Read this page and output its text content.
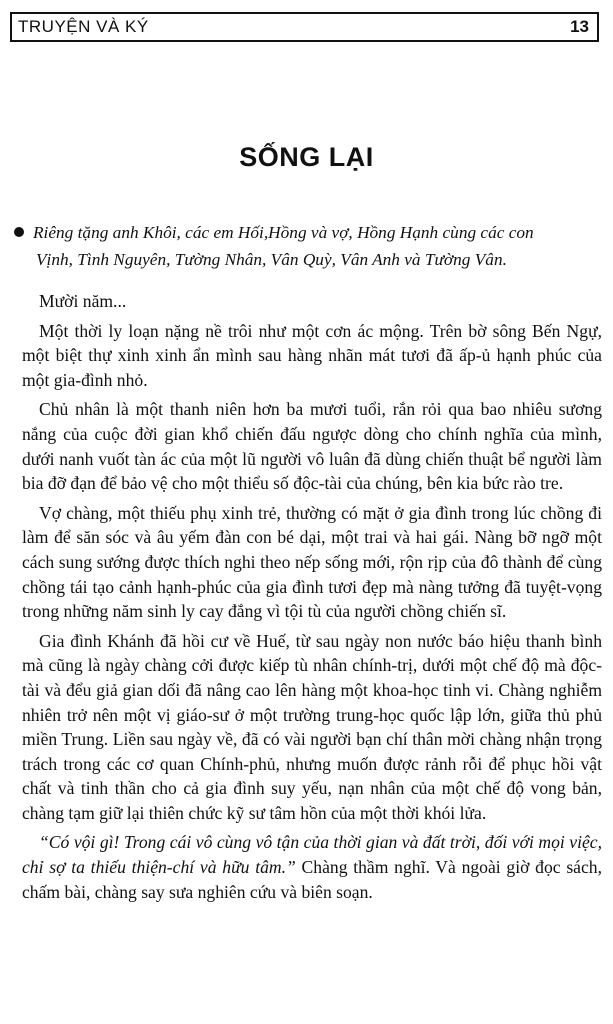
TRUYỆN VÀ KÝ	13
SỐNG LẠI
Riêng tặng anh Khôi, các em Hối,Hồng và vợ, Hồng Hạnh cùng các con
Vịnh, Tình Nguyên, Tường Nhân, Vân Quỳ, Vân Anh và Tường Vân.

Mười năm...

Một thời ly loạn nặng nề trôi như một cơn ác mộng. Trên bờ sông Bến Ngự, một biệt thự xinh xinh ẩn mình sau hàng nhãn mát tươi đã ấp-ủ hạnh phúc của một gia-đình nhỏ.

Chủ nhân là một thanh niên hơn ba mươi tuổi, rắn rỏi qua bao nhiêu sương nắng của cuộc đời gian khổ chiến đấu ngược dòng cho chính nghĩa của mình, dưới nanh vuốt tàn ác của một lũ người vô luân đã dùng chiến thuật bể người làm bia đỡ đạn để bảo vệ cho một thiểu số độc-tài của chúng, bên kia bức rào tre.

Vợ chàng, một thiếu phụ xinh trẻ, thường có mặt ở gia đình trong lúc chồng đi làm để săn sóc và âu yếm đàn con bé dại, một trai và hai gái. Nàng bỡ ngỡ một cách sung sướng được thích nghi theo nếp sống mới, rộn rịp của đô thành để cùng chồng tái tạo cảnh hạnh-phúc của gia đình tươi đẹp mà nàng tưởng đã tuyệt-vọng trong những năm sinh ly cay đắng vì tội tù của người chồng chiến sĩ.

Gia đình Khánh đã hồi cư về Huế, từ sau ngày non nước báo hiệu thanh bình mà cũng là ngày chàng cởi được kiếp tù nhân chính-trị, dưới một chế độ mà độc-tài và đểu giả gian dối đã nâng cao lên hàng một khoa-học tinh vi. Chàng nghiễm nhiên trở nên một vị giáo-sư ở một trường trung-học quốc lập lớn, giữa thủ phủ miền Trung. Liền sau ngày về, đã có vài người bạn chí thân mời chàng nhận trọng trách trong các cơ quan Chính-phủ, nhưng muốn được rảnh rỗi để phục hồi vật chất và tinh thần cho cả gia đình suy yếu, nạn nhân của một chế độ vong bản, chàng tạm giữ lại thiên chức kỹ sư tâm hồn của một thời khói lửa.

“Có vội gì! Trong cái vô cùng vô tận của thời gian và đất trời, đối với mọi việc, chỉ sợ ta thiếu thiện-chí và hữu tâm.” Chàng thầm nghĩ. Và ngoài giờ đọc sách, chấm bài, chàng say sưa nghiên cứu và biên soạn.
